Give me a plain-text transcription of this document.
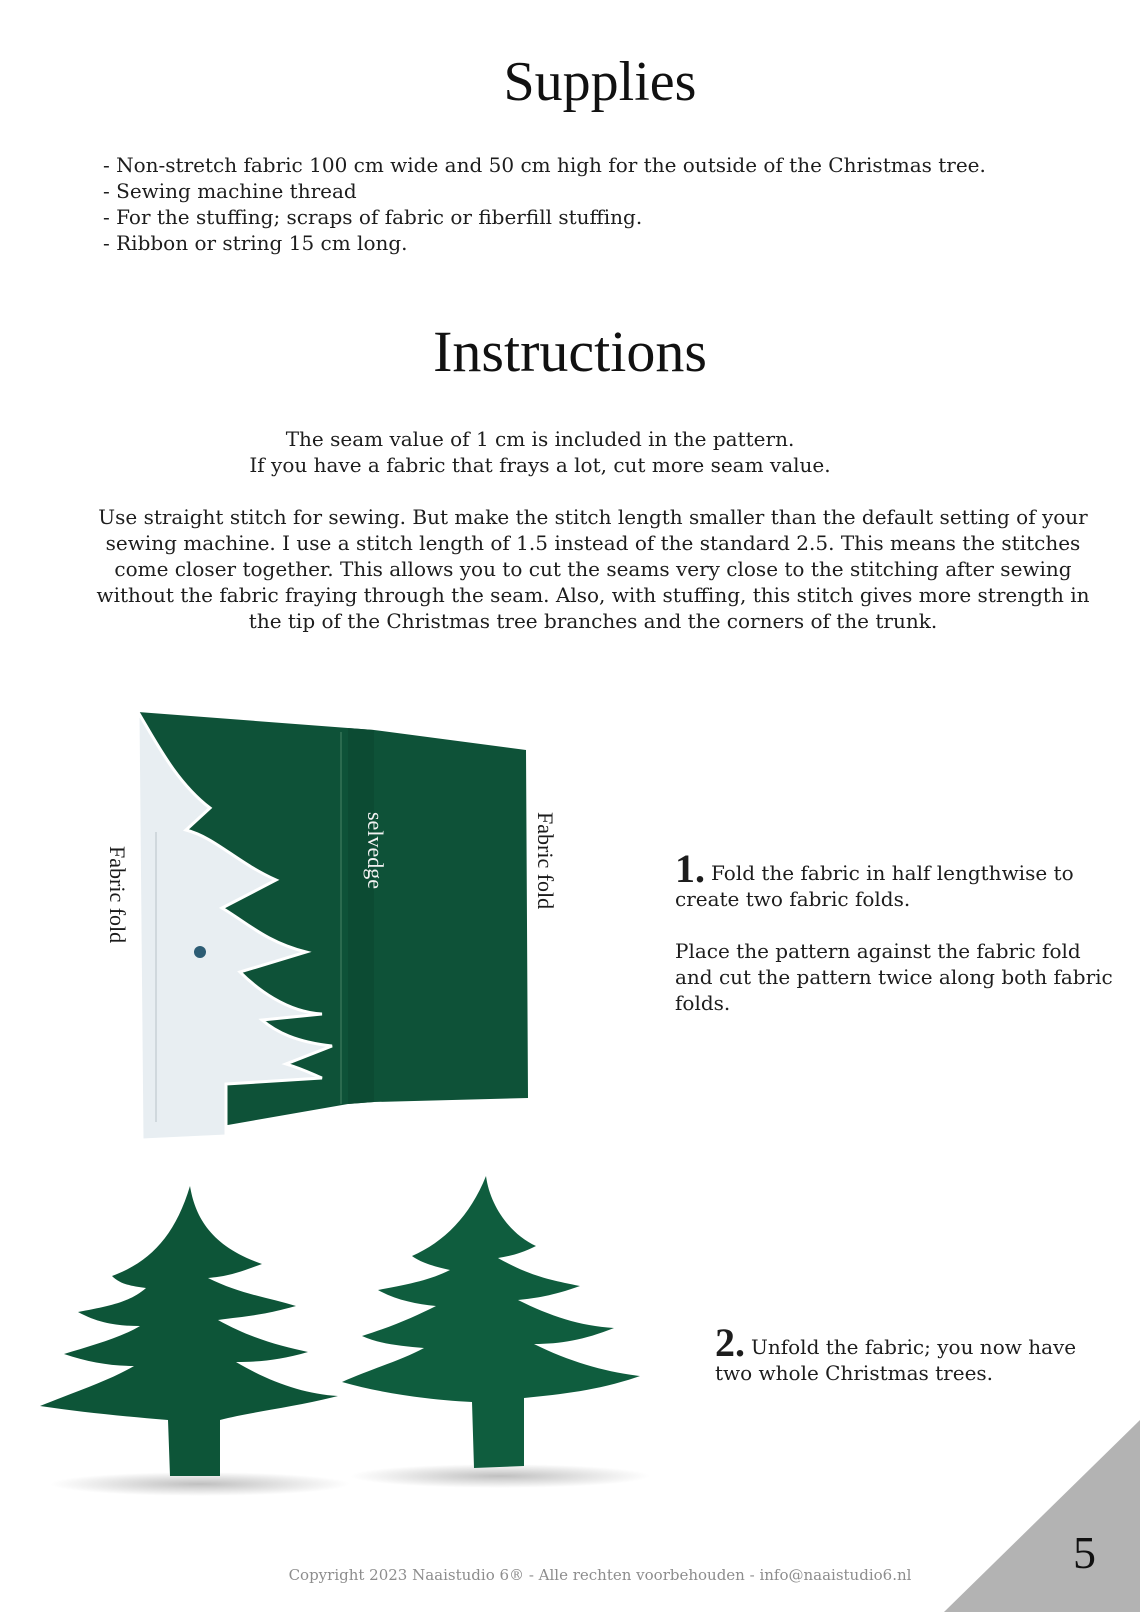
Supplies
- Non-stretch fabric 100 cm wide and 50 cm high for the outside of the Christmas tree.
- Sewing machine thread
- For the stuffing; scraps of fabric or fiberfill stuffing.
- Ribbon or string 15 cm long.
Instructions
The seam value of 1 cm is included in the pattern.
If you have a fabric that frays a lot, cut more seam value.

Use straight stitch for sewing. But make the stitch length smaller than the default setting of your sewing machine. I use a stitch length of 1.5 instead of the standard 2.5. This means the stitches come closer together. This allows you to cut the seams very close to the stitching after sewing without the fabric fraying through the seam. Also, with stuffing, this stitch gives more strength in the tip of the Christmas tree branches and the corners of the trunk.

Fabric fold	selvedge	Fabric fold	1. Fold the fabric in half lengthwise to create two fabric folds.

Place the pattern against the fabric fold and cut the pattern twice along both fabric folds.

2. Unfold the fabric; you now have two whole Christmas trees.

Copyright 2023 Naaistudio 6® - Alle rechten voorbehouden - info@naaistudio6.nl	5
